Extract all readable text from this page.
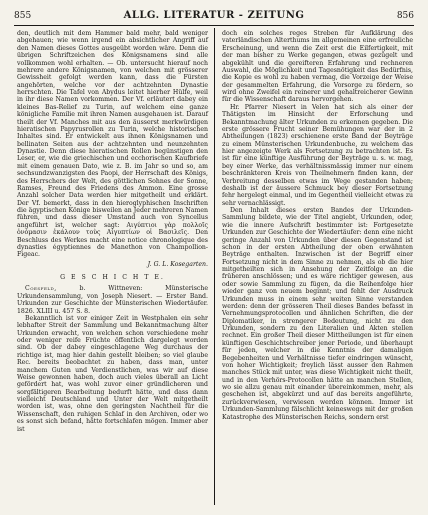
855	ALLG. LITERATUR - ZEITUNG	856

den, deutlich mit dem Hammer bald mehr, bald weniger abgehauen; wie wenn irgend ein absichtlicher Angriff auf den Namen dieses Gottes ausgeübt worden wäre. Denn die übrigen Schriftzeichen des Königsnamens sind alle vollkommen wohl erhalten. — Ob. untersucht hierauf noch mehrere andere Königsnamen, von welchen mit grösserer Gewissheit gefolgt werden kann, dass die Fürsten angehörten, welche vor der achtzehnten Dynastie herrschten. Die Tafel von Abydus leitet hierher Hülfe, weil in ihr diese Namen vorkommen. Der Vf. erläutert dabey ein kleines Bas-Relief zu Turin, auf welchem eine ganze königliche Familie mit ihren Namen ausgehauen ist. Darauf theilt der Vf. Manches mit aus den äusserst merkwürdigen hieratischen Papyrusrollen zu Turin, welche historischen Inhaltes sind. Er entwickelt aus ihnen Königsnamen und bellinaten Seiten aus der achtzehnten und neunzehnten Dynastie. Denn diese hieratischen Rollen begünstigen den Leser, er, wie die griechischen und ecchorischen Kaufbriefe mit einem genauen Dato, wie z. B. im Jahr so und so, am sechsundzwanzigsten des Paopi, der Herrschaft des Königs, des Herrschers der Welt, des göttlichen Sohnes der Sonne, Ramses, Freund des Friedens des Ammon. Eine grosse Anzahl solcher Data werden hier mitgetheilt und erklärt. Der Vf. bemerkt, dass in den hieroglyphischen Inschriften die ägyptischen Könige bisweilen an Jeder mehreren Namen führen, und dass dieser Umstand auch von Syncellus angeführt ist, welcher sagt: Αιγύπτιοι γὰρ πολλοῖς ὀνόμασιν ἐκάλουν τοὺς Αἰγυπτίων οἱ Βασιλεῖς. Den Beschluss des Werkes macht eine notice chronologique des dynasties égyptiennes de Manethon von Champollion-Figeac.

J. G. L. Kosegarten.
G E S C H I C H T E.

Coesfeld,	b. Wittneven: Münsterische Urkundensammlung, von Joseph Niesert. — Erster Band. Urkunden zur Geschichte der Münsterischen Wiedertäufer. 1826. XLIII u. 457 S. 8.

Bekanntlich ist vor einiger Zeit in Westphalen ein sehr lebhafter Streit der Sammlung und Bekanntmachung älter Urkunden erwacht, von welchen schon verschiedene mehr oder weniger reife Früchte öffentlich dargelegt worden sind. Ob der dabey eingeschlagene Weg durchaus der richtige ist, mag hier dahin gestellt bleiben; so viel glaube Rec. bereits beobachtet zu haben, dass man, unter manchem Guten und Verdienstlichen, was wir auf diese Weise gewonnen haben, doch auch vieles überall an Licht gefördert hat, was wohl zuvor einer gründlicheren und sorgfältigeren Bearbeitung bedurft hätte, und dass dann vielleicht Deutschland und Unter der Welt mitgetheilt worden ist, was, ohne den geringsten Nachtheil für die Wissenschaft, den ruhigen Schlaf in den Archiven, oder wo es sonst sich befand, hätte fortschlafen mögen. Immer aber ist

doch ein solches reges Streben für Aufklärung des vaterländischen Alterthums im allgemeinen eine erfreuliche Erscheinung, und wenn die Zeit erst die Eilfertigkeit, mit der man bisher zu Werke gegangen, etwas gezügelt und abgekühlt und die gereifteren Erfahrung und rechneren Auswahl, die Möglichkeit und Tagesnötigkeit das Bedürfnis, die Kopie es wohl zu haben vermag, die Vorzeige der Weise der gesammelten Erfahrung, die Vorsorge zu fördern, so wird ohne Zweifel ein reinerer und gehaltreicherer Gewinn für die Wissenschaft daraus hervorgehen.

Hr. Pfarrer Niesert in Velen hat sich als einer der Thätigsten im Hinsicht der Erforschung und Bekanntmachung älter Urkunden zu erkennen gegeben. Die erste grössere Frucht seiner Bemühungen war der in 2 Abtheilungen (1823) erschienene erste Band der Beyträge zu einem Münsterischen Urkundenbuche, zu welchem das hier angezeigte Werk als Fortsetzung zu betrachten ist. Es ist für eine künftige Ausführung der Beyträge u. s. w. mag, bey einer Werke, das verhältnissmässig immer nur einem beschränkteren Kreis von Theilnehmern finden kann, der Verbreitung desselben etwas im Wege gestanden haben; deshalb ist der äussere Schmuck bey dieser Fortsetzung fehr hergelegt einmal, und im Gegentheil vielleicht etwas zu sehr vernachlässigt.

Den Inhalt dieses ersten Bandes der Urkunden-Sammlung bildete, wie der Titel angiebt, Urkunden, oder, wie die innere Aufschrift bestimmter ist: Fortgesetzte Urkunden zur Geschichte der Wiedertäufer: denn eine nicht geringe Anzahl von Urkunden über diesen Gegenstand ist schon in der ersten Abtheilung der oben erwähnten Beyträge enthalten. Inzwischen ist der Begriff einer Fortsetzung nicht in dem Sinne zu nehmen, als ob die hier mitgetheilten sich in Ansehung der Zeitfolge an die früheren anschlössen; und es wäre richtiger gewesen, aus oder sowie Sammlung zu fügen, da die Reihenfolge hier wieder ganz von neuem beginnt; und fehlt der Ausdruck Urkunden muss in einem sehr weiten Sinne verstanden werden: denn der grösseren Theil dieses Bandes befasst in Vernehmungsprotocollen und ähnlichen Schriften, die der Diplomatiker, in strengerer Bedeutung, nicht zu den Urkunden, sondern zu den Literalien und Akten stellen rechnet. Ein großer Theil dieser Mittheilungen ist für einen künftigen Geschichtschreiber jener Periode, und überhaupt für jeden, welcher in die Kenntnis der damaligen Begebenheiten und Verhältnisse tiefer eindringen wünscht, von hoher Wichtigkeit; freylich lässt ausser den Rahmen manches Stück mit unter, was diese Wichtigkeit nicht theilt, und in den Verhörs-Protocollen hätte an manchen Stellen, wo sie allzu genau mit einander übereinkommen, mehr, als geschehen ist, abgekürzt und auf das bereits angeführte, zurückverwiesen, verwiesen werden können. Immer ist Urkunden-Sammlung fälschlicht keineswegs mit der großen Katastrophe des Münsterischen Reichs, sondern erst
